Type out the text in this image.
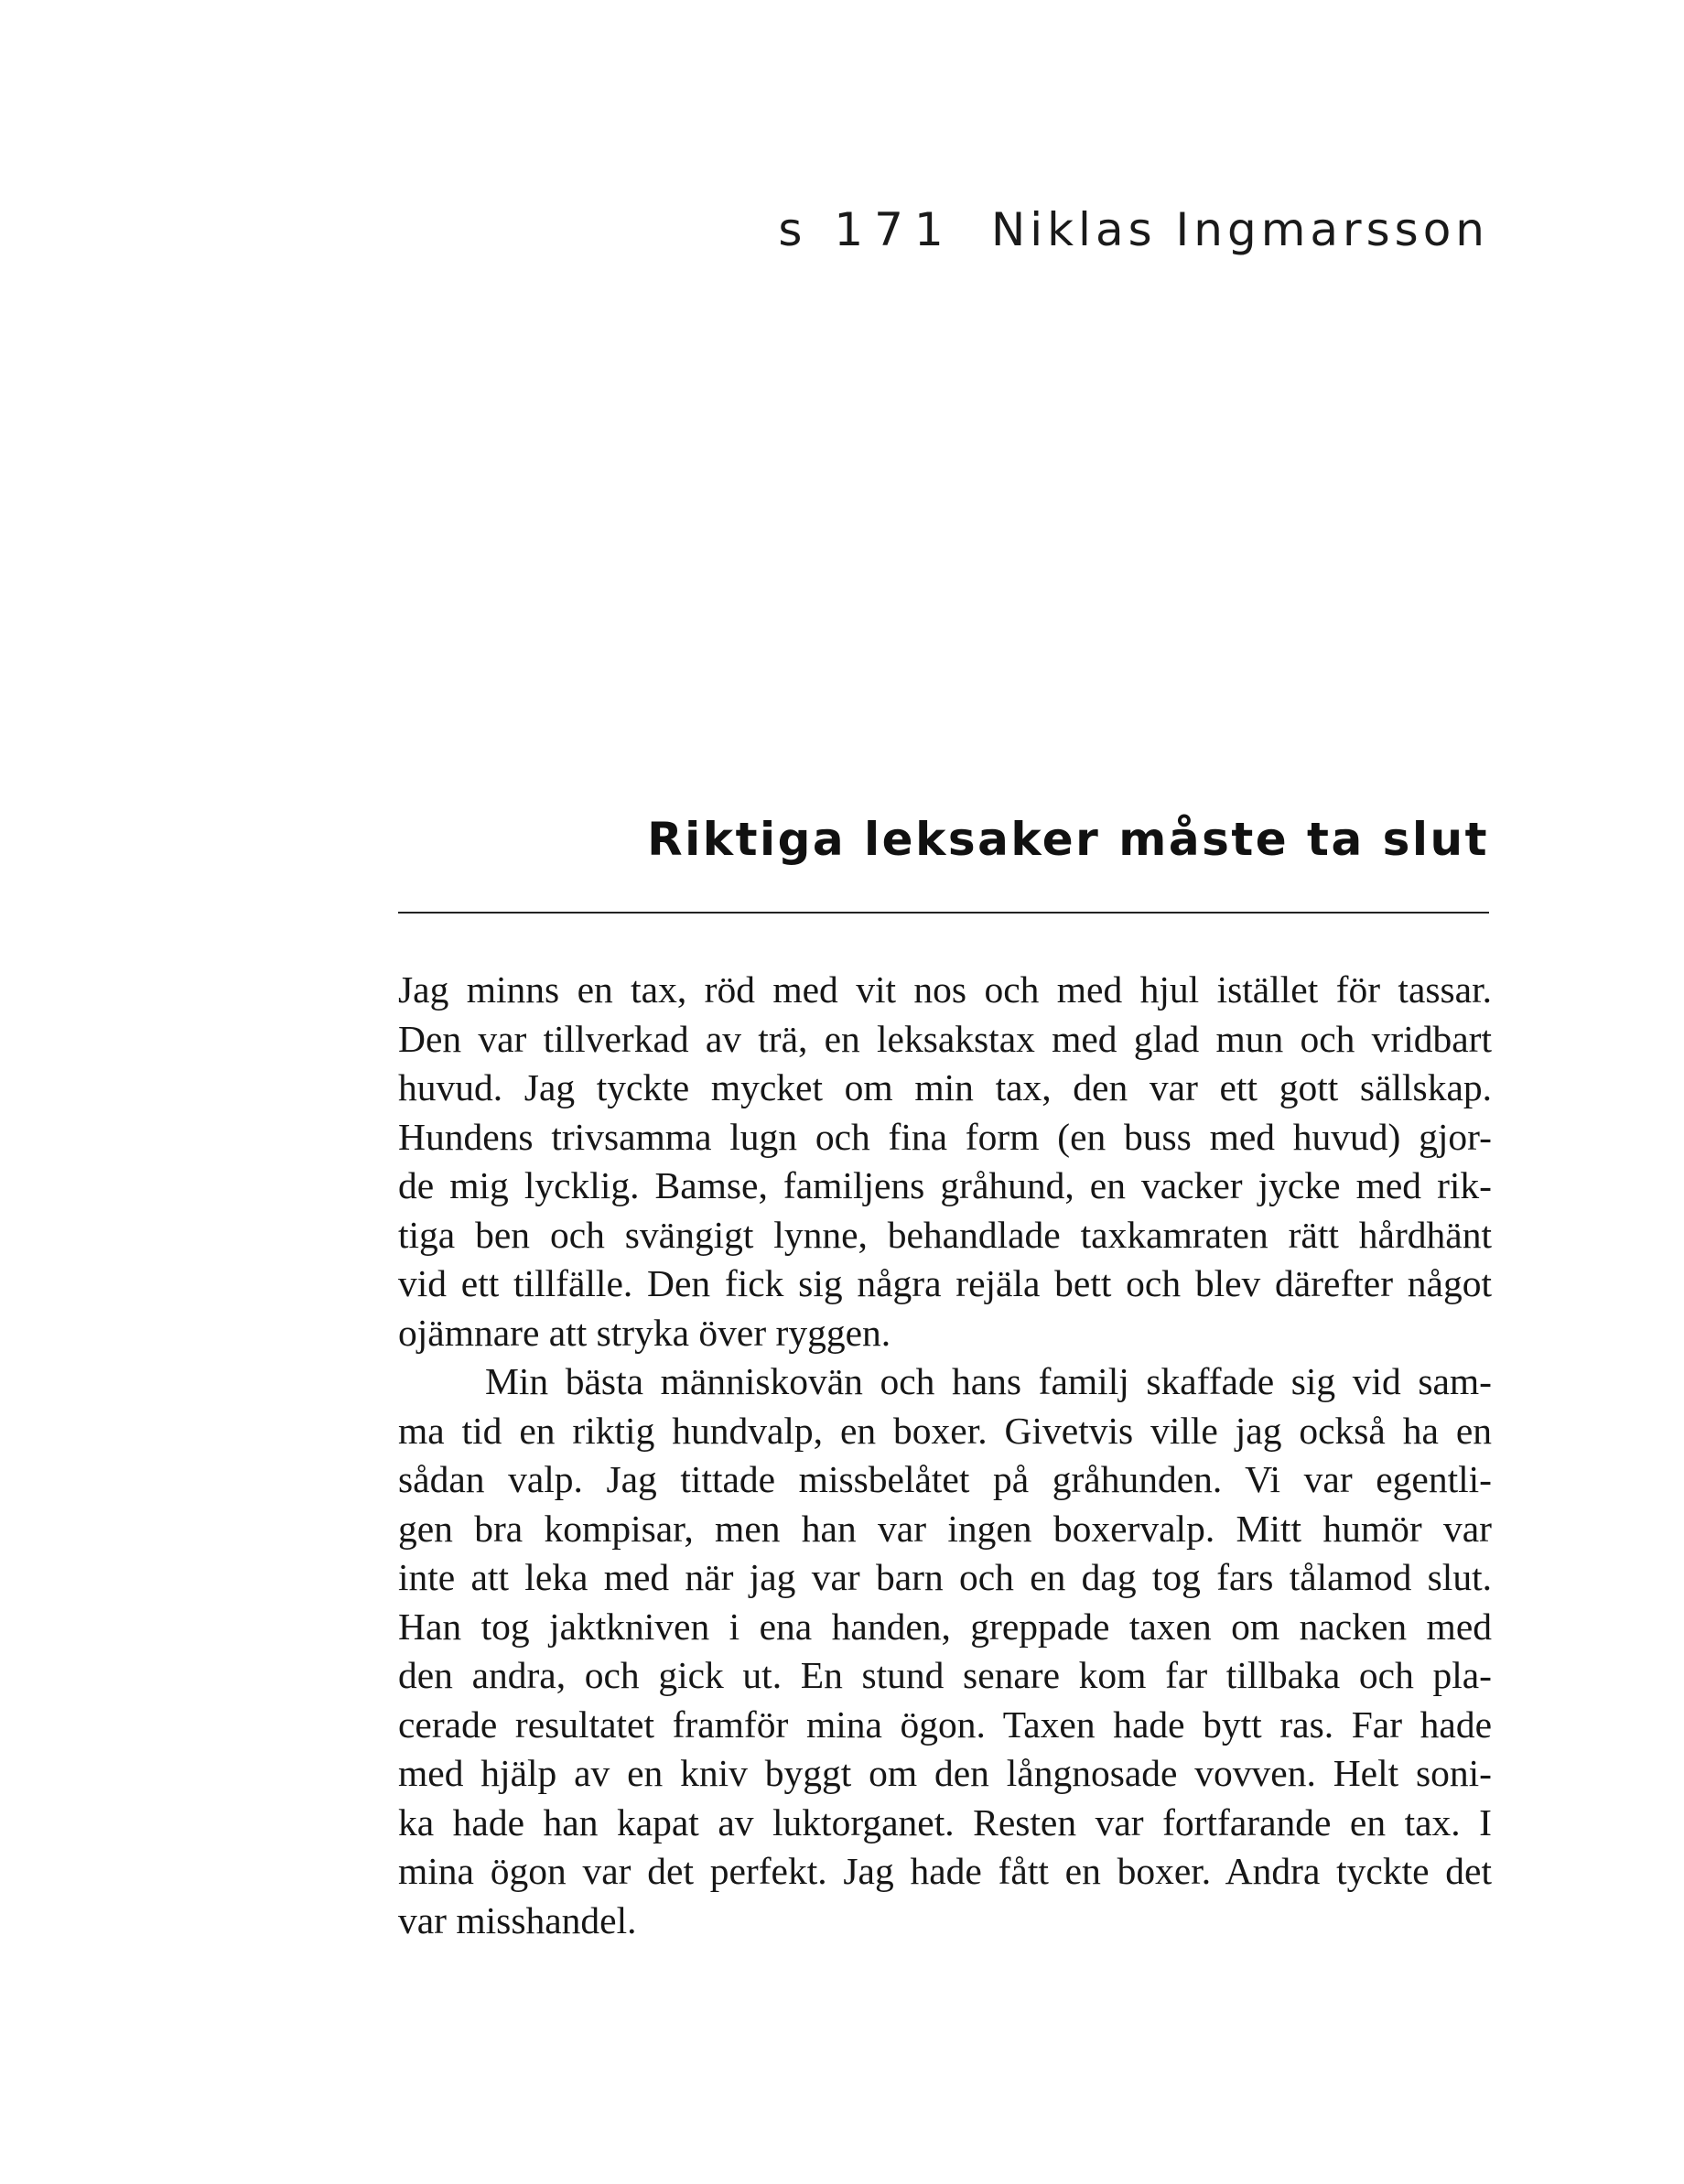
s 171 Niklas Ingmarsson
Riktiga leksaker måste ta slut
Jag minns en tax, röd med vit nos och med hjul istället för tassar.
Den var tillverkad av trä, en leksakstax med glad mun och vridbart
huvud. Jag tyckte mycket om min tax, den var ett gott sällskap.
Hundens trivsamma lugn och fina form (en buss med huvud) gjor-
de mig lycklig. Bamse, familjens gråhund, en vacker jycke med rik-
tiga ben och svängigt lynne, behandlade taxkamraten rätt hårdhänt
vid ett tillfälle. Den fick sig några rejäla bett och blev därefter något
ojämnare att stryka över ryggen.
Min bästa människovän och hans familj skaffade sig vid sam-
ma tid en riktig hundvalp, en boxer. Givetvis ville jag också ha en
sådan valp. Jag tittade missbelåtet på gråhunden. Vi var egentli-
gen bra kompisar, men han var ingen boxervalp. Mitt humör var
inte att leka med när jag var barn och en dag tog fars tålamod slut.
Han tog jaktkniven i ena handen, greppade taxen om nacken med
den andra, och gick ut. En stund senare kom far tillbaka och pla-
cerade resultatet framför mina ögon. Taxen hade bytt ras. Far hade
med hjälp av en kniv byggt om den långnosade vovven. Helt soni-
ka hade han kapat av luktorganet. Resten var fortfarande en tax. I
mina ögon var det perfekt. Jag hade fått en boxer. Andra tyckte det
var misshandel.
